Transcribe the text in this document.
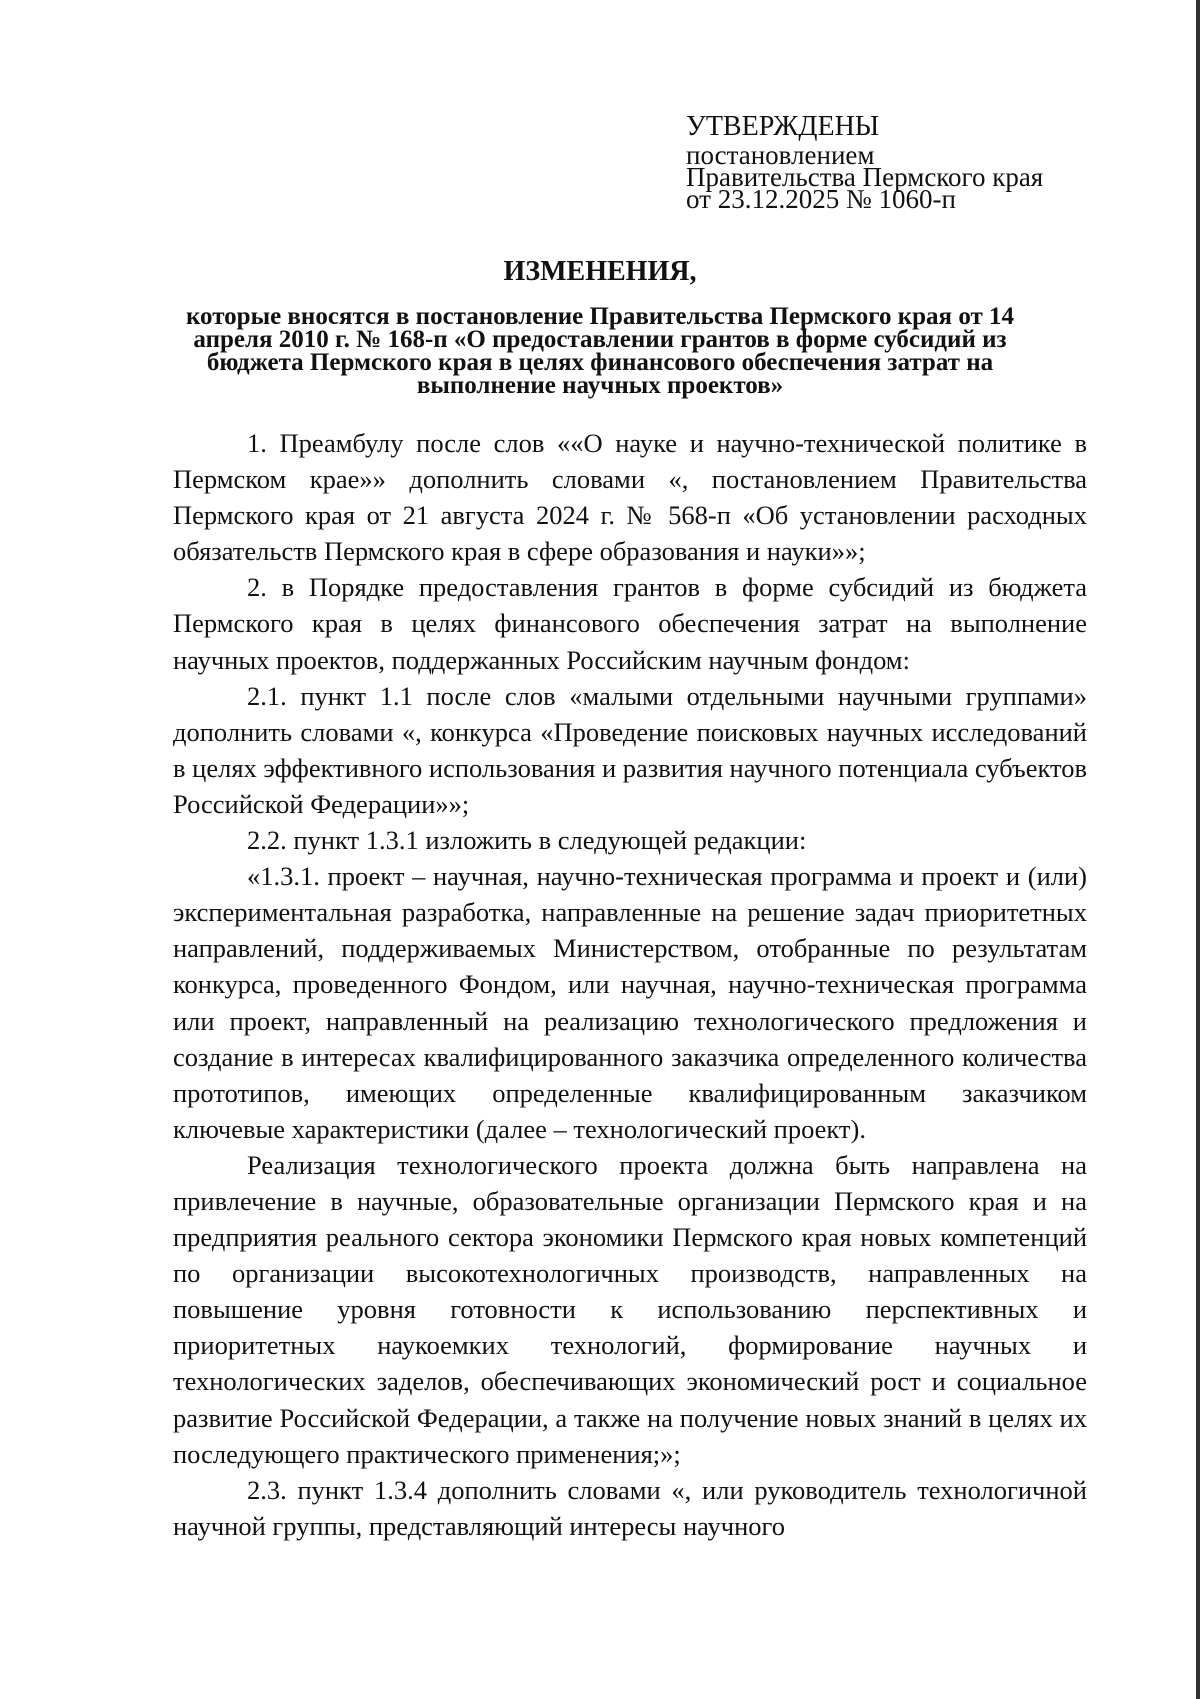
УТВЕРЖДЕНЫ
постановлением
Правительства Пермского края
от 23.12.2025 № 1060-п
ИЗМЕНЕНИЯ,
которые вносятся в постановление Правительства Пермского края от 14 апреля 2010 г. № 168-п «О предоставлении грантов в форме субсидий из бюджета Пермского края в целях финансового обеспечения затрат на выполнение научных проектов»

1. Преамбулу после слов ««О науке и научно-технической политике в Пермском крае»» дополнить словами «, постановлением Правительства Пермского края от 21 августа 2024 г. № 568-п «Об установлении расходных обязательств Пермского края в сфере образования и науки»»;

2. в Порядке предоставления грантов в форме субсидий из бюджета Пермского края в целях финансового обеспечения затрат на выполнение научных проектов, поддержанных Российским научным фондом:

2.1. пункт 1.1 после слов «малыми отдельными научными группами» дополнить словами «, конкурса «Проведение поисковых научных исследований в целях эффективного использования и развития научного потенциала субъектов Российской Федерации»»;

2.2. пункт 1.3.1 изложить в следующей редакции:

«1.3.1. проект – научная, научно-техническая программа и проект и (или) экспериментальная разработка, направленные на решение задач приоритетных направлений, поддерживаемых Министерством, отобранные по результатам конкурса, проведенного Фондом, или научная, научно-техническая программа или проект, направленный на реализацию технологического предложения и создание в интересах квалифицированного заказчика определенного количества прототипов, имеющих определенные квалифицированным заказчиком ключевые характеристики (далее – технологический проект).

Реализация технологического проекта должна быть направлена на привлечение в научные, образовательные организации Пермского края и на предприятия реального сектора экономики Пермского края новых компетенций по организации высокотехнологичных производств, направленных на повышение уровня готовности к использованию перспективных и приоритетных наукоемких технологий, формирование научных и технологических заделов, обеспечивающих экономический рост и социальное развитие Российской Федерации, а также на получение новых знаний в целях их последующего практического применения;»;

2.3. пункт 1.3.4 дополнить словами «, или руководитель технологичной научной группы, представляющий интересы научного
